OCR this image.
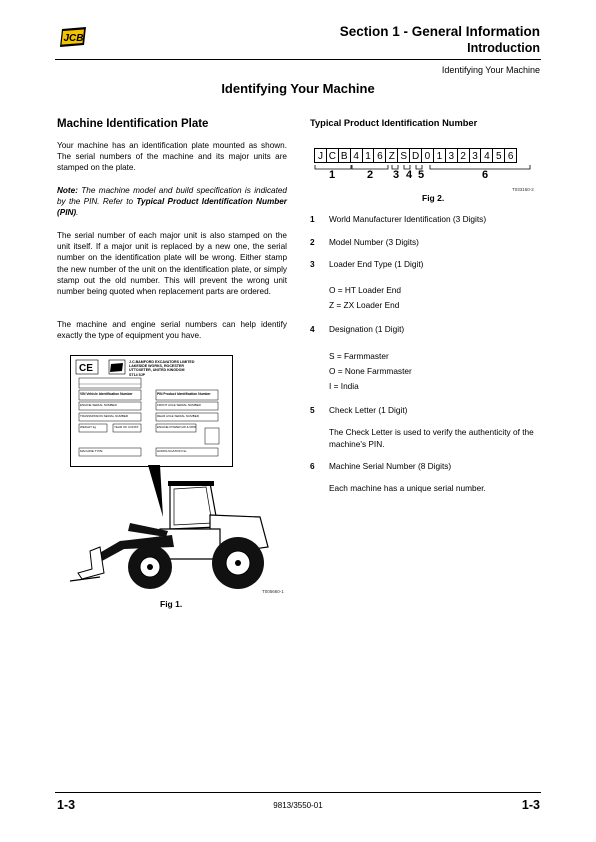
JCB	Section 1 - General Information
Introduction
Identifying Your Machine
Identifying Your Machine
Machine Identification Plate
Your machine has an identification plate mounted as shown. The serial numbers of the machine and its major units are stamped on the plate.
Note: The machine model and build specification is indicated by the PIN. Refer to Typical Product Identification Number (PIN).
The serial number of each major unit is also stamped on the unit itself. If a major unit is replaced by a new one, the serial number on the identification plate will be wrong. Either stamp the new number of the unit on the identification plate, or simply stamp out the old number. This will prevent the wrong unit number being quoted when replacement parts are ordered.
The machine and engine serial numbers can help identify exactly the type of equipment you have.
CE
J.C.BAMFORD EXCAVATORS LIMITED
LAKESIDE WORKS, ROCESTER
UTTOXETER, UNITED KINGDOM
ST14 5JP
VIN Vehicle Identification Number	PIN Product Identification Number
ENGINE SERIAL NUMBER	FRONT AXLE SERIAL NUMBER
TRANSMISSION SERIAL NUMBER	REAR AXLE SERIAL NUMBER
WEIGHT kg	YEAR OF CONST.	ENGINE POWER kW & RPM
MACHINE TYPE	HOMOLOGATION No.
T005660-1
Fig 1.
Typical Product Identification Number
J C B 4 1 6 Z S D 0 1 3 2 3 4 5 6
1	2 3 4 5	6
T033160-2
Fig 2.
1 World Manufacturer Identification (3 Digits)
2 Model Number (3 Digits)
3 Loader End Type (1 Digit)
O = HT Loader End
Z = ZX Loader End
4 Designation (1 Digit)
S = Farmmaster
O = None Farmmaster
I = India
5 Check Letter (1 Digit)
The Check Letter is used to verify the authenticity of the machine's PIN.
6 Machine Serial Number (8 Digits)
Each machine has a unique serial number.
1-3	9813/3550-01	1-3
